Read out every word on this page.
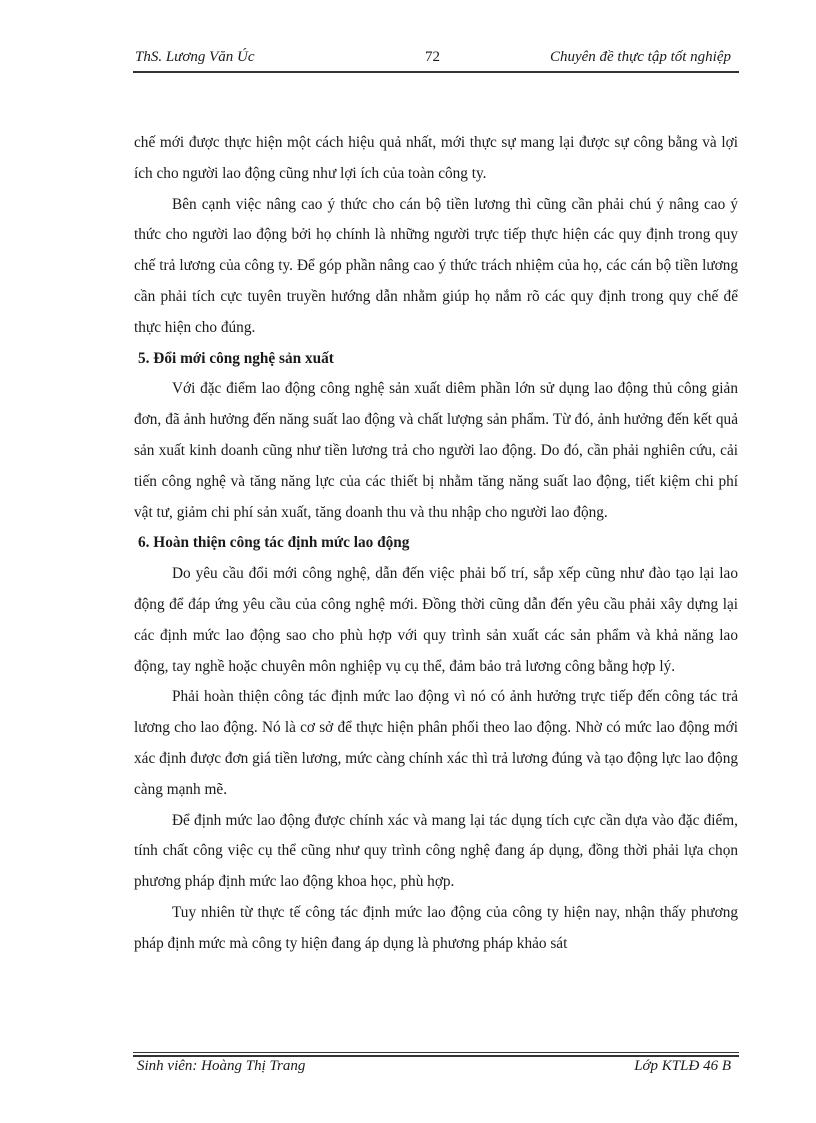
ThS. Lương Văn Úc	72	Chuyên đề thực tập tốt nghiệp

chế mới được thực hiện một cách hiệu quả nhất, mới thực sự mang lại được sự công bằng và lợi ích cho người lao động cũng như lợi ích của toàn công ty.

Bên cạnh việc nâng cao ý thức cho cán bộ tiền lương thì cũng cần phải chú ý nâng cao ý thức cho người lao động bởi họ chính là những người trực tiếp thực hiện các quy định trong quy chế trả lương của công ty. Để góp phần nâng cao ý thức trách nhiệm của họ, các cán bộ tiền lương cần phải tích cực tuyên truyền hướng dẫn nhằm giúp họ nắm rõ các quy định trong quy chế để thực hiện cho đúng.

5. Đổi mới công nghệ sản xuất

Với đặc điểm lao động công nghệ sản xuất diêm phần lớn sử dụng lao động thủ công giản đơn, đã ảnh hưởng đến năng suất lao động và chất lượng sản phẩm. Từ đó, ảnh hưởng đến kết quả sản xuất kinh doanh cũng như tiền lương trả cho người lao động. Do đó, cần phải nghiên cứu, cải tiến công nghệ và tăng năng lực của các thiết bị nhằm tăng năng suất lao động, tiết kiệm chi phí vật tư, giảm chi phí sản xuất, tăng doanh thu và thu nhập cho người lao động.

6. Hoàn thiện công tác định mức lao động

Do yêu cầu đổi mới công nghệ, dẫn đến việc phải bố trí, sắp xếp cũng như đào tạo lại lao động để đáp ứng yêu cầu của công nghệ mới. Đồng thời cũng dẫn đến yêu cầu phải xây dựng lại các định mức lao động sao cho phù hợp với quy trình sản xuất các sản phẩm và khả năng lao động, tay nghề hoặc chuyên môn nghiệp vụ cụ thể, đảm bảo trả lương công bằng hợp lý.

Phải hoàn thiện công tác định mức lao động vì nó có ảnh hưởng trực tiếp đến công tác trả lương cho lao động. Nó là cơ sở để thực hiện phân phối theo lao động. Nhờ có mức lao động mới xác định được đơn giá tiền lương, mức càng chính xác thì trả lương đúng và tạo động lực lao động càng mạnh mẽ.

Để định mức lao động được chính xác và mang lại tác dụng tích cực cần dựa vào đặc điểm, tính chất công việc cụ thể cũng như quy trình công nghệ đang áp dụng, đồng thời phải lựa chọn phương pháp định mức lao động khoa học, phù hợp.

Tuy nhiên từ thực tế công tác định mức lao động của công ty hiện nay, nhận thấy phương pháp định mức mà công ty hiện đang áp dụng là phương pháp khảo sát

Sinh viên: Hoàng Thị Trang	Lớp KTLĐ 46 B
